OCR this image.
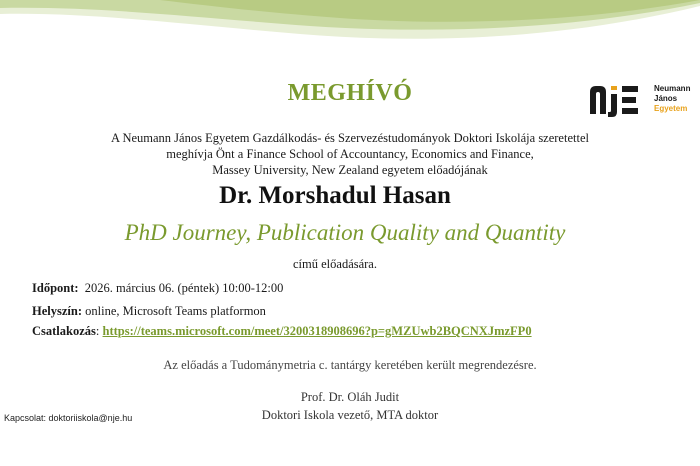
MEGHÍVÓ	Neumann
János
Egyetem
A Neumann János Egyetem Gazdálkodás- és Szervezéstudományok Doktori Iskolája szeretettel
meghívja Önt a Finance School of Accountancy, Economics and Finance,
Massey University, New Zealand egyetem előadójának
Dr. Morshadul Hasan
PhD Journey, Publication Quality and Quantity
című előadására.
Időpont: 2026. március 06. (péntek) 10:00-12:00
Helyszín: online, Microsoft Teams platformon
Csatlakozás: https://teams.microsoft.com/meet/3200318908696?p=gMZUwb2BQCNXJmzFP0
Az előadás a Tudománymetria c. tantárgy keretében került megrendezésre.
Prof. Dr. Oláh Judit
Doktori Iskola vezető, MTA doktor
Kapcsolat: doktoriiskola@nje.hu
